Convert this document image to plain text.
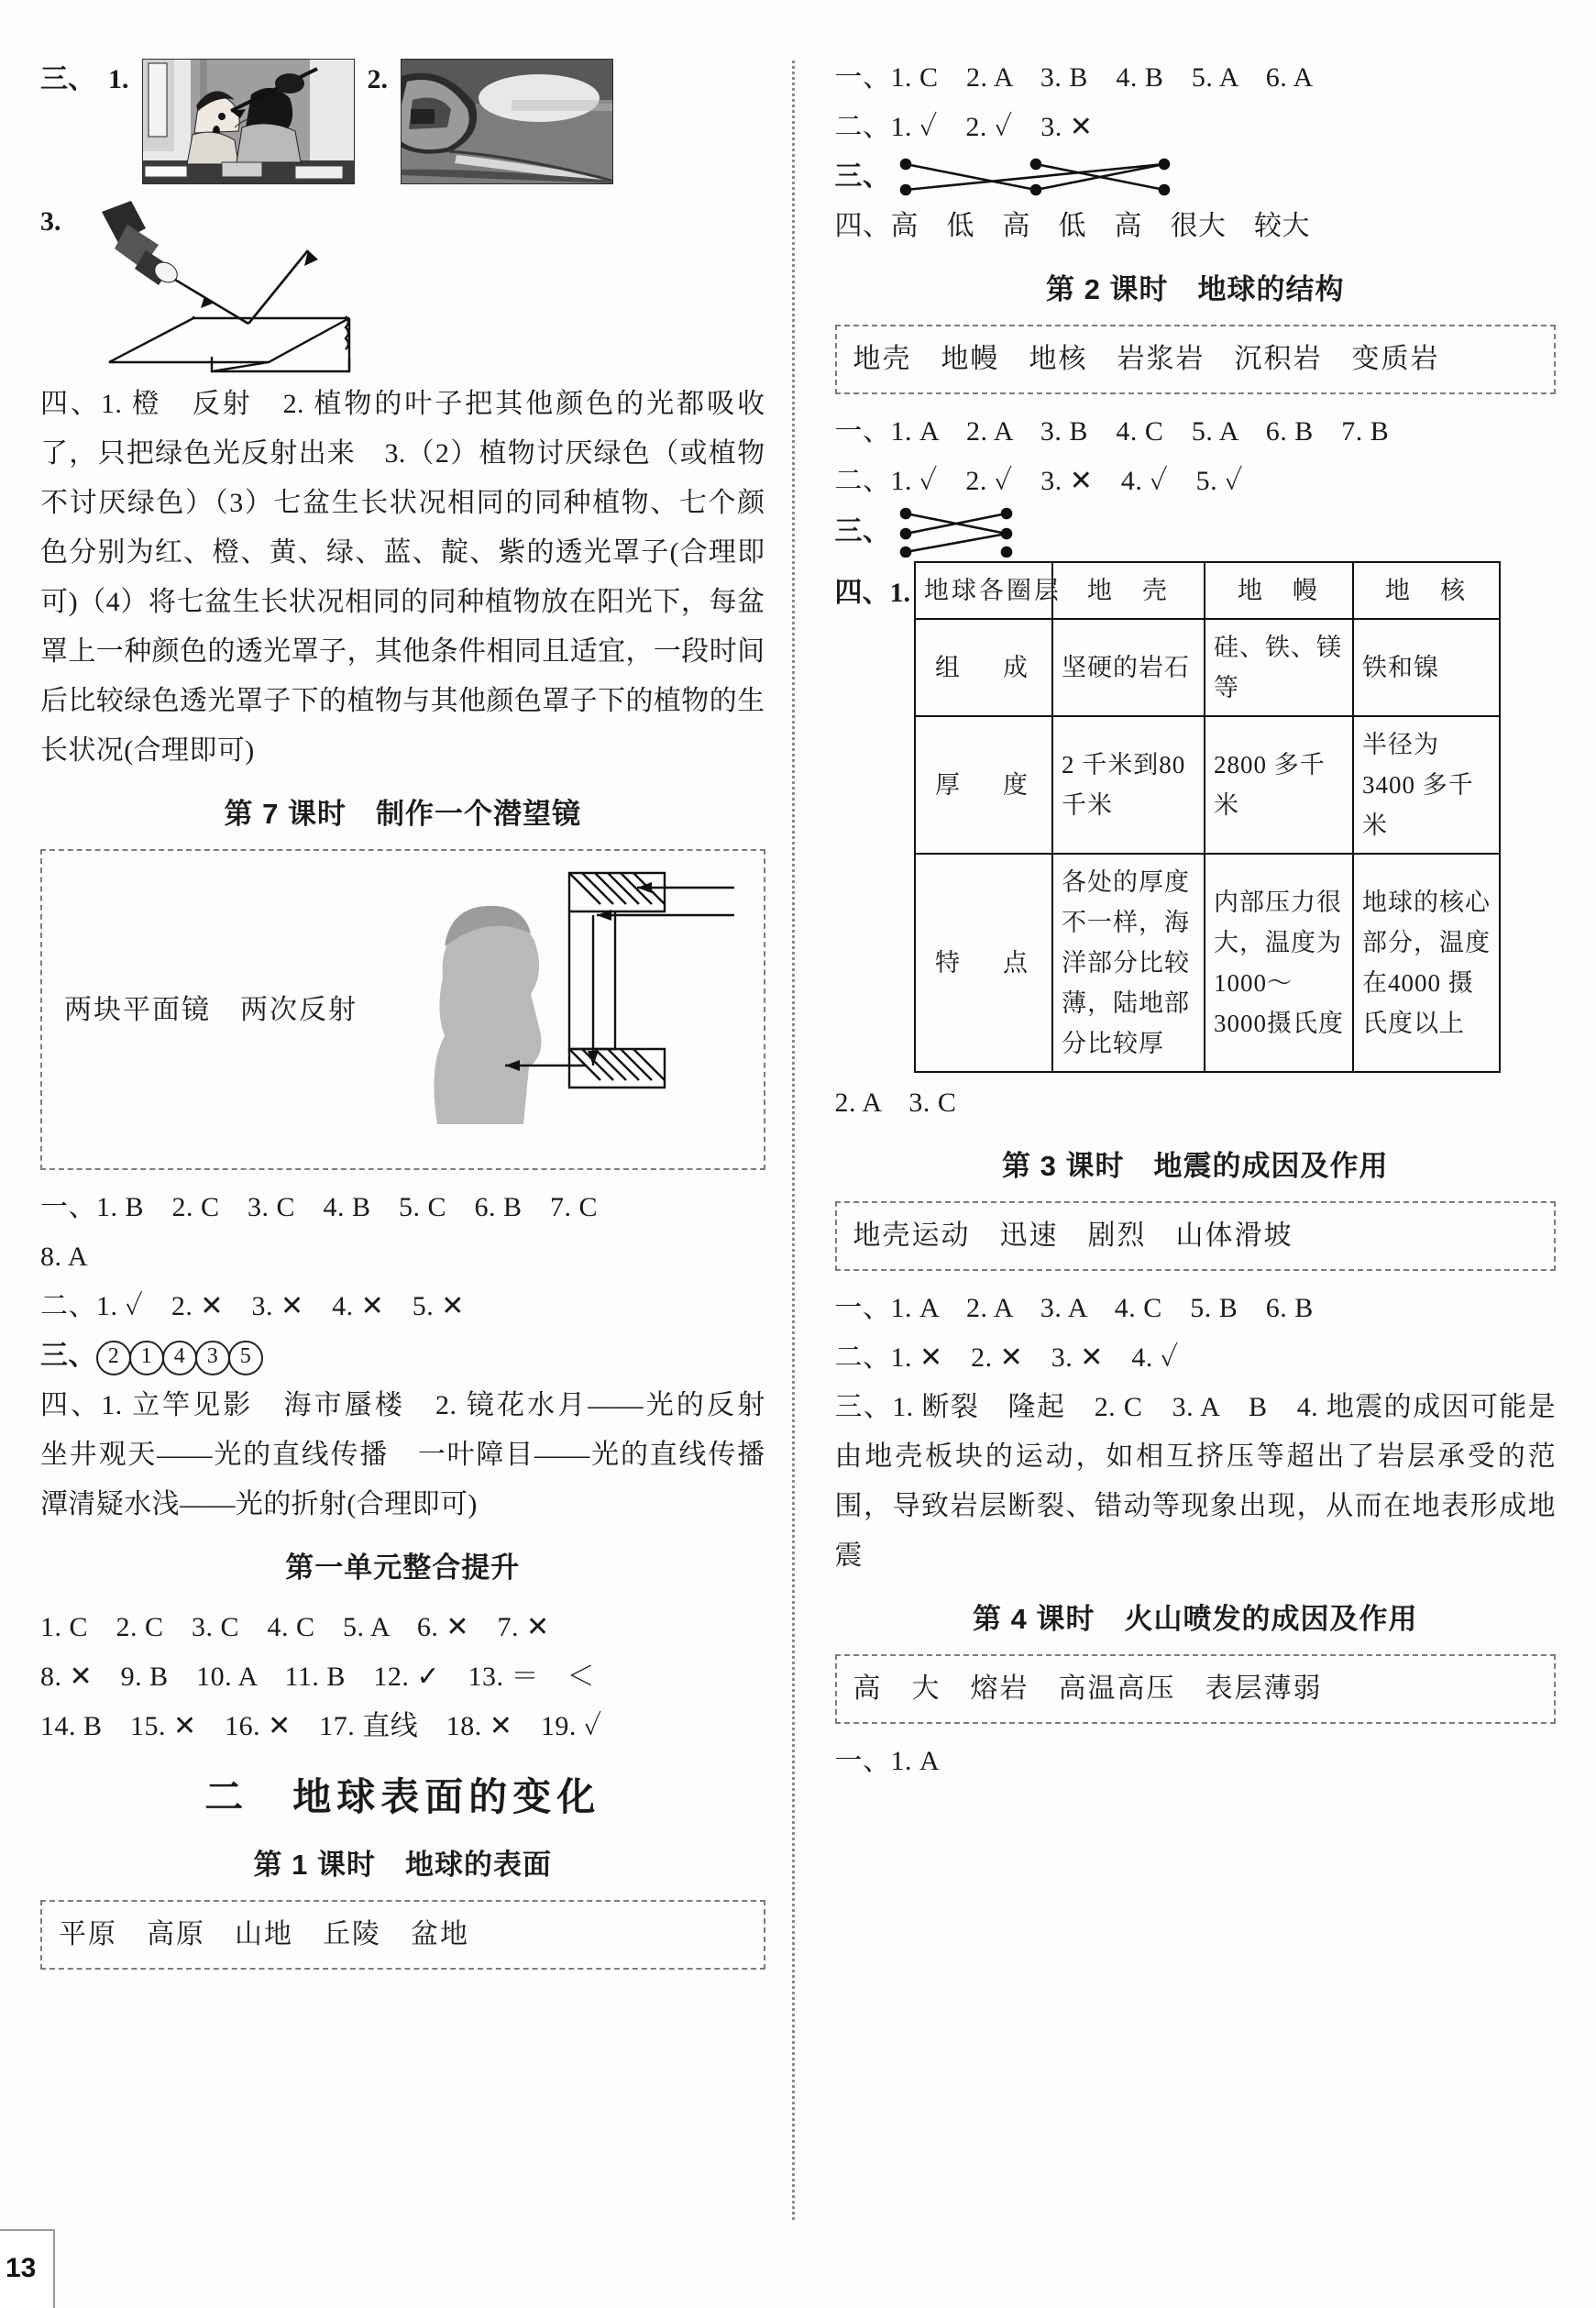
三、 1.	2.
3.
四、1. 橙　反射　2. 植物的叶子把其他颜色的光都吸收了，只把绿色光反射出来　3.（2）植物讨厌绿色（或植物不讨厌绿色）（3）七盆生长状况相同的同种植物、七个颜色分别为红、橙、黄、绿、蓝、靛、紫的透光罩子(合理即可)（4）将七盆生长状况相同的同种植物放在阳光下，每盆罩上一种颜色的透光罩子，其他条件相同且适宜，一段时间后比较绿色透光罩子下的植物与其他颜色罩子下的植物的生长状况(合理即可)
第 7 课时　制作一个潜望镜
两块平面镜　两次反射
一、1. B　2. C　3. C　4. B　5. C　6. B　7. C
8. A
二、1. ✓　2. ✕　3. ✕　4. ✕　5. ✕
三、 2 1 4 3 5
四、1. 立竿见影　海市蜃楼　2. 镜花水月——光的反射　坐井观天——光的直线传播　一叶障目——光的直线传播　潭清疑水浅——光的折射(合理即可)
第一单元整合提升
1. C　2. C　3. C　4. C　5. A　6. ✕　7. ✕
8. ✕　9. B　10. A　11. B　12. ✓　13. ＝　＜
14. B　15. ✕　16. ✕　17. 直线　18. ✕　19. ✓
二　地球表面的变化
第 1 课时　地球的表面
平原　高原　山地　丘陵　盆地
一、1. C　2. A　3. B　4. B　5. A　6. A
二、1. ✓　2. ✓　3. ✕
三、
四、高　低　高　低　高　很大　较大
第 2 课时　地球的结构
地壳　地幔　地核　岩浆岩　沉积岩　变质岩
一、1. A　2. A　3. B　4. C　5. A　6. B　7. B
二、1. ✓　2. ✓　3. ✕　4. ✓　5. ✓
三、
四、1. 地球各圈层	地　壳	地　幔	地　核
组　成	坚硬的岩石	硅、铁、镁等	铁和镍
厚　度	2 千米到80 千米	2800 多千米	半径为3400 多千米
特　点	各处的厚度不一样，海洋部分比较薄，陆地部分比较厚	内部压力很大，温度为1000～3000摄氏度	地球的核心部分，温度在4000 摄氏度以上
2. A　3. C
第 3 课时　地震的成因及作用
地壳运动　迅速　剧烈　山体滑坡
一、1. A　2. A　3. A　4. C　5. B　6. B
二、1. ✕　2. ✕　3. ✕　4. ✓
三、1. 断裂　隆起　2. C　3. A　B　4. 地震的成因可能是由地壳板块的运动，如相互挤压等超出了岩层承受的范围，导致岩层断裂、错动等现象出现，从而在地表形成地震
第 4 课时　火山喷发的成因及作用
高　大　熔岩　高温高压　表层薄弱
一、1. A
13
